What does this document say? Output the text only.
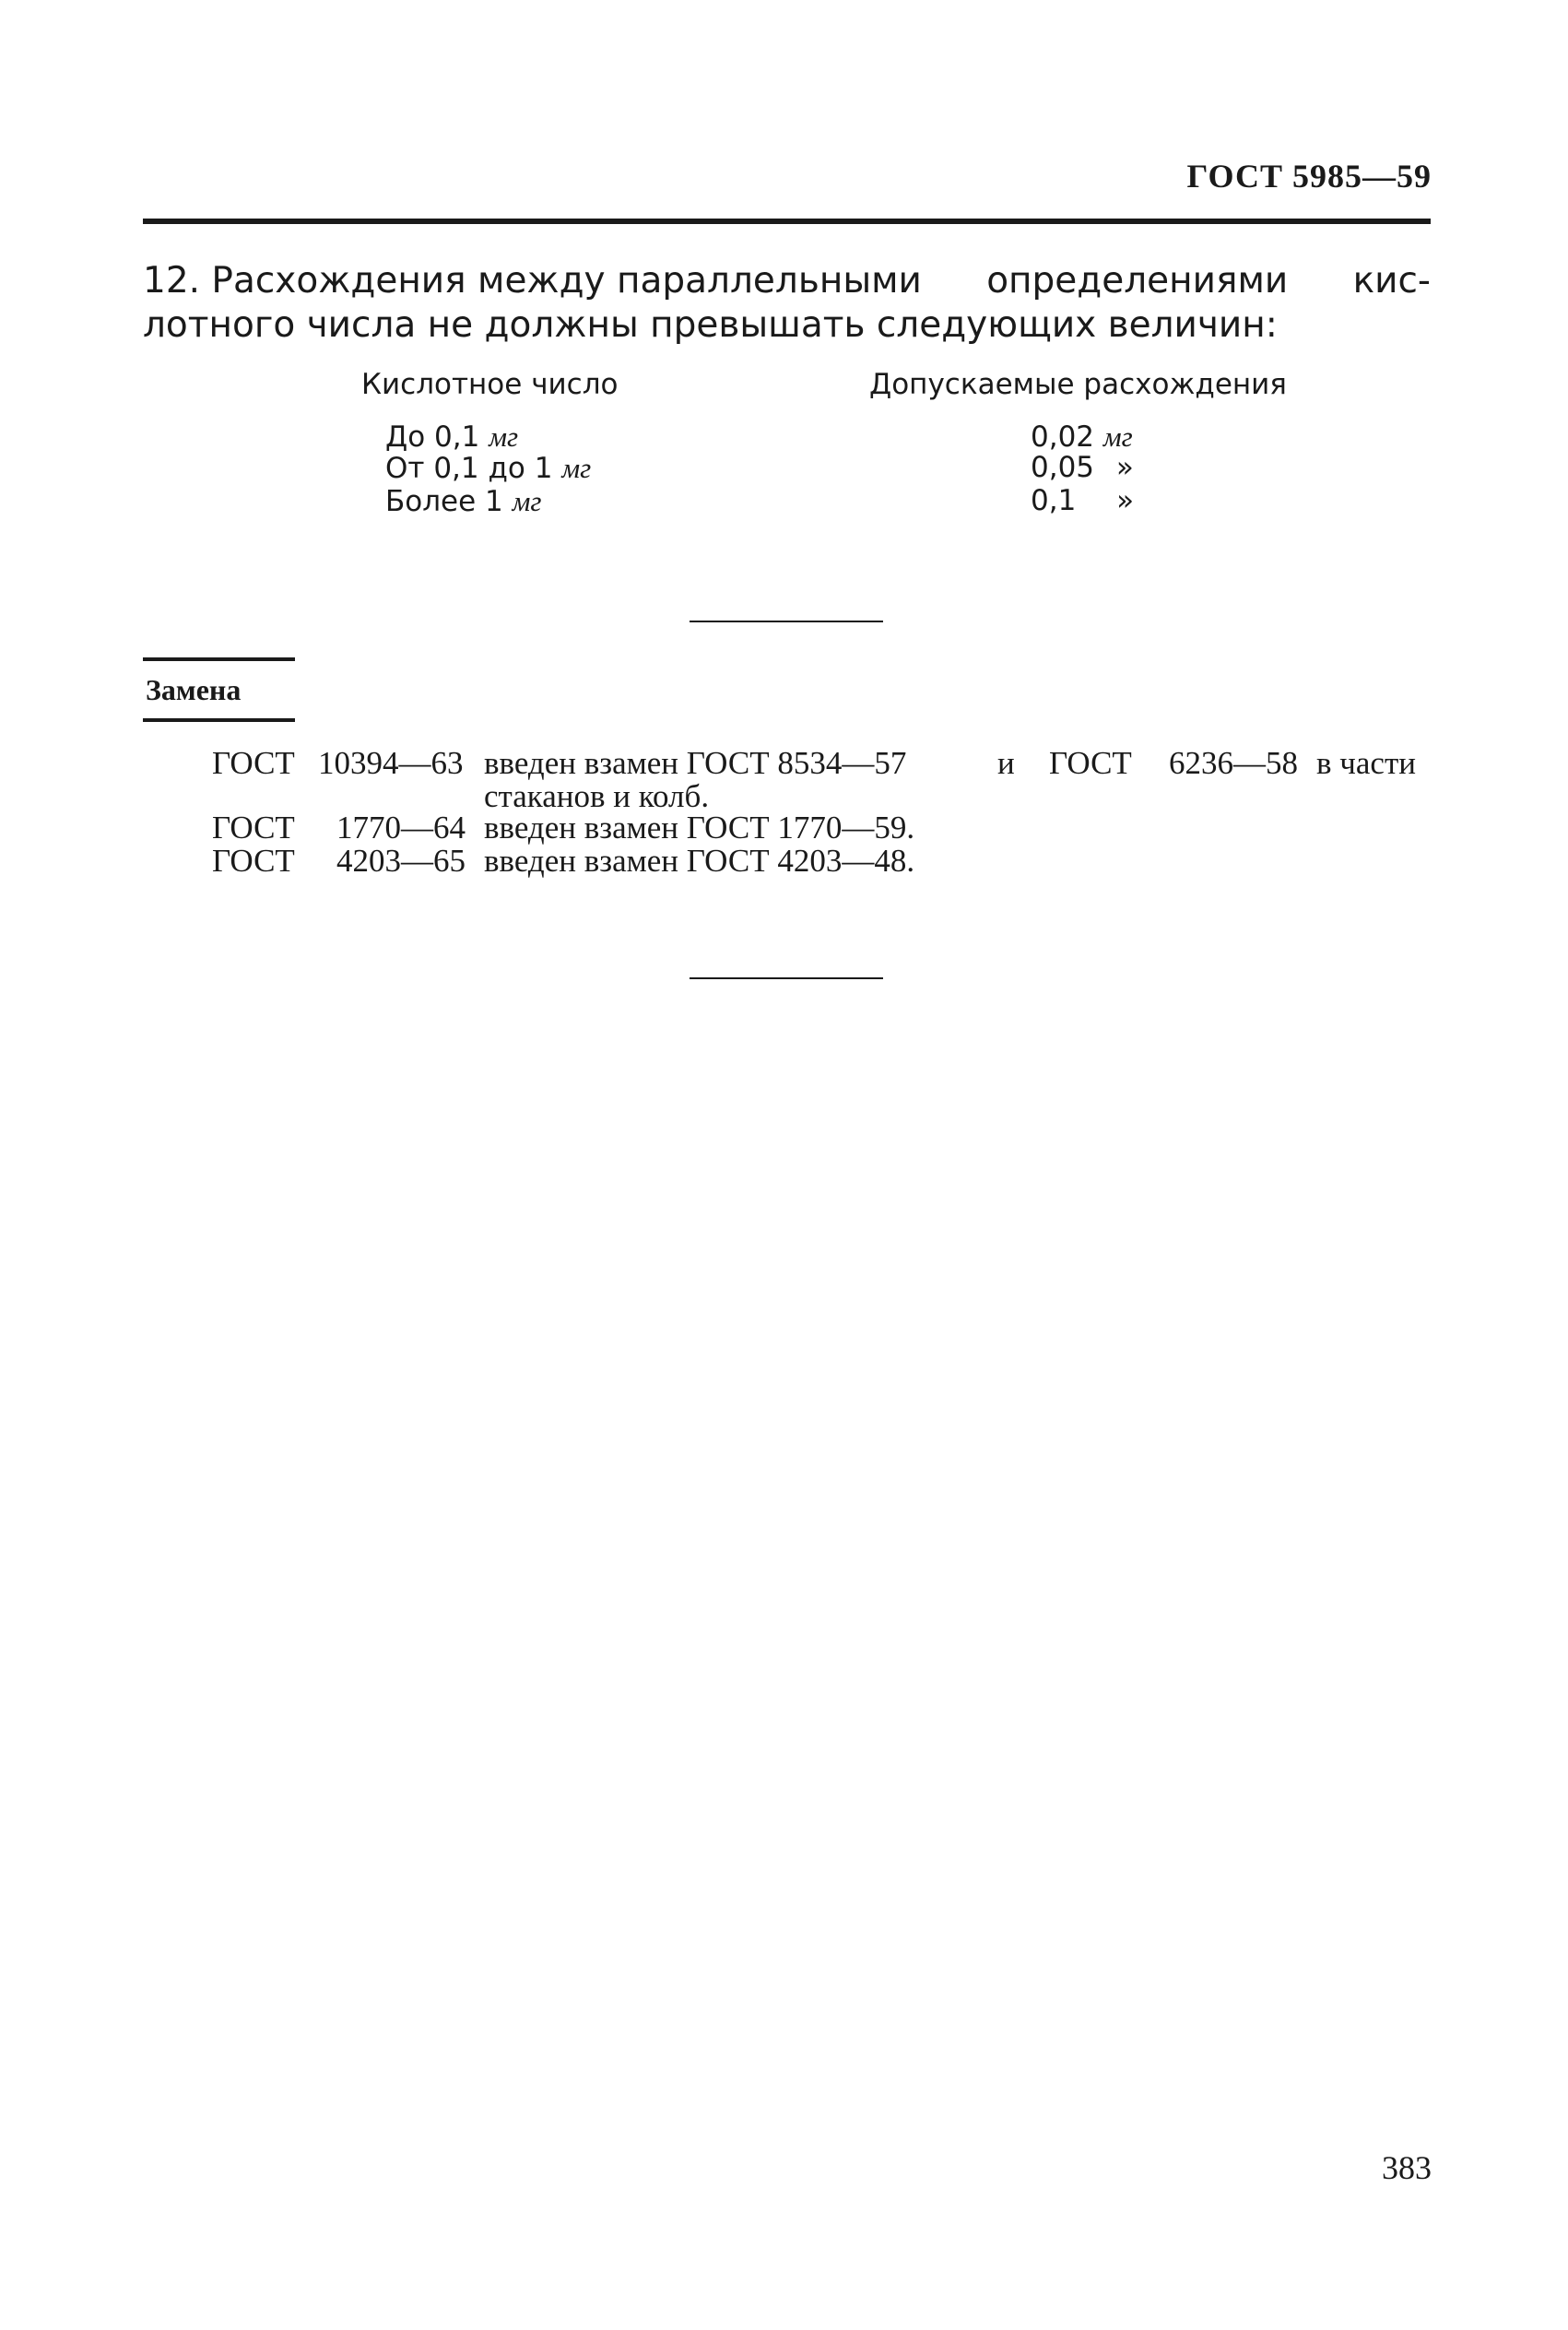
ГОСТ 5985—59
12. Расхождения между параллельными определениями кис-
лотного числа не должны превышать следующих величин:
Кислотное число	Допускаемые расхождения
До 0,1 мг	0,02 мг
От 0,1 до 1 мг	0,05 »
Более 1 мг	0,1 »
Замена
ГОСТ 10394—63 введен взамен ГОСТ 8534—57	и ГОСТ 6236—58 в части
стаканов и колб.
ГОСТ 1770—64 введен взамен ГОСТ 1770—59.
ГОСТ 4203—65 введен взамен ГОСТ 4203—48.
383
